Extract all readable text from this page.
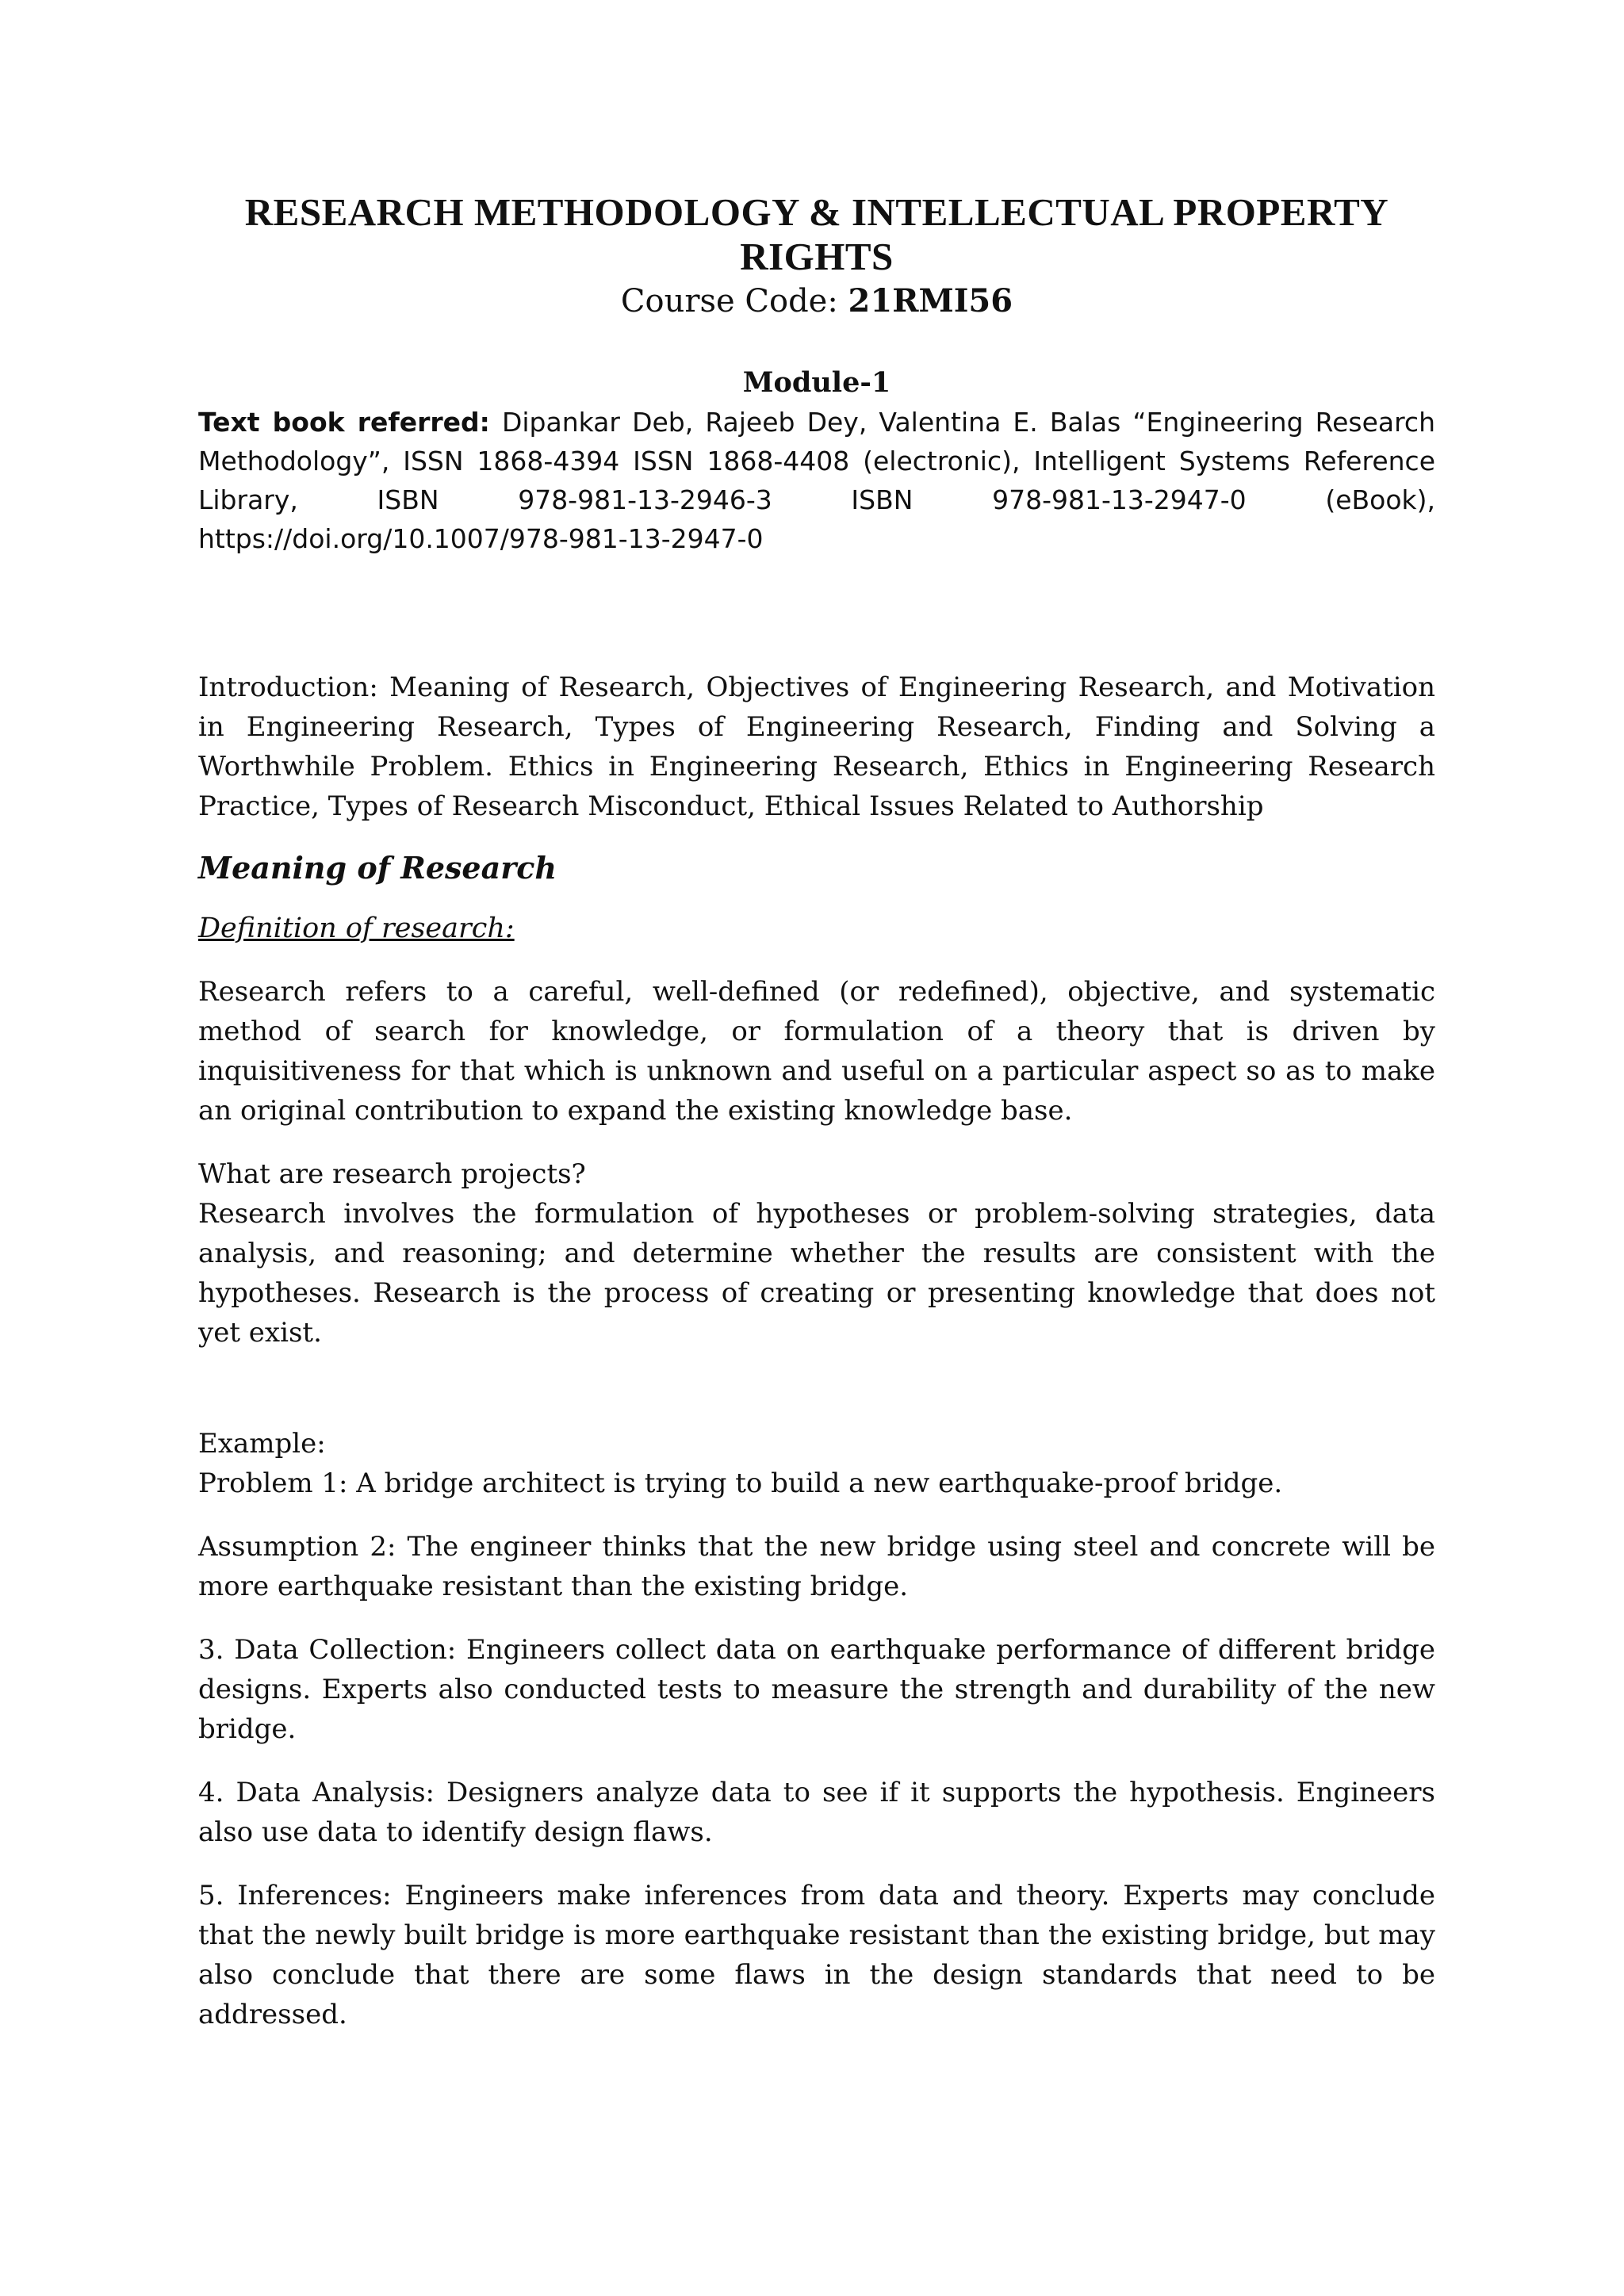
RESEARCH METHODOLOGY & INTELLECTUAL PROPERTY RIGHTS

Course Code: 21RMI56

Module-1

Text book referred: Dipankar Deb, Rajeeb Dey, Valentina E. Balas “Engineering Research Methodology”, ISSN 1868-4394 ISSN 1868-4408 (electronic), Intelligent Systems Reference Library, ISBN 978-981-13-2946-3 ISBN 978-981-13-2947-0 (eBook), https://doi.org/10.1007/978-981-13-2947-0

Introduction: Meaning of Research, Objectives of Engineering Research, and Motivation in Engineering Research, Types of Engineering Research, Finding and Solving a Worthwhile Problem. Ethics in Engineering Research, Ethics in Engineering Research Practice, Types of Research Misconduct, Ethical Issues Related to Authorship

Meaning of Research

Definition of research:

Research refers to a careful, well-defined (or redefined), objective, and systematic method of search for knowledge, or formulation of a theory that is driven by inquisitiveness for that which is unknown and useful on a particular aspect so as to make an original contribution to expand the existing knowledge base.

What are research projects?

Research involves the formulation of hypotheses or problem-solving strategies, data analysis, and reasoning; and determine whether the results are consistent with the hypotheses. Research is the process of creating or presenting knowledge that does not yet exist.

Example:

Problem 1: A bridge architect is trying to build a new earthquake-proof bridge.

Assumption 2: The engineer thinks that the new bridge using steel and concrete will be more earthquake resistant than the existing bridge.

3. Data Collection: Engineers collect data on earthquake performance of different bridge designs. Experts also conducted tests to measure the strength and durability of the new bridge.

4. Data Analysis: Designers analyze data to see if it supports the hypothesis. Engineers also use data to identify design flaws.

5. Inferences: Engineers make inferences from data and theory. Experts may conclude that the newly built bridge is more earthquake resistant than the existing bridge, but may also conclude that there are some flaws in the design standards that need to be addressed.
